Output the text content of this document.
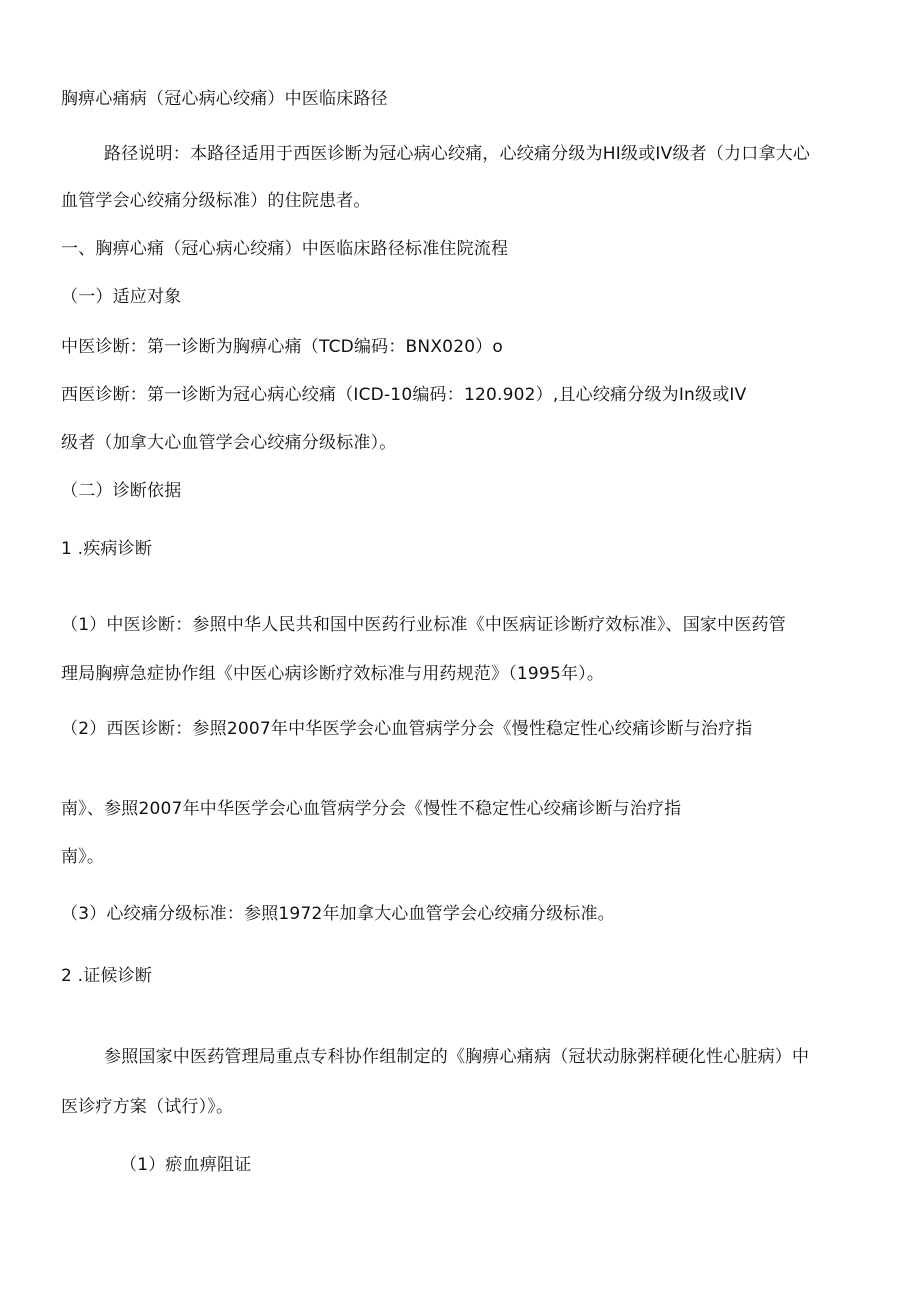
胸痹心痛病（冠心病心绞痛）中医临床路径
路径说明：本路径适用于西医诊断为冠心病心绞痛，心绞痛分级为HI级或IV级者（力口拿大心
血管学会心绞痛分级标准）的住院患者。
一、胸痹心痛（冠心病心绞痛）中医临床路径标准住院流程
（一）适应对象
中医诊断：第一诊断为胸痹心痛（TCD编码：BNX020）o
西医诊断：第一诊断为冠心病心绞痛（ICD-10编码：120.902）,且心绞痛分级为In级或IV
级者（加拿大心血管学会心绞痛分级标准）。
（二）诊断依据
1 .疾病诊断
（1）中医诊断：参照中华人民共和国中医药行业标准《中医病证诊断疗效标准》、国家中医药管
理局胸痹急症协作组《中医心病诊断疗效标准与用药规范》（1995年）。
（2）西医诊断：参照2007年中华医学会心血管病学分会《慢性稳定性心绞痛诊断与治疗指
南》、参照2007年中华医学会心血管病学分会《慢性不稳定性心绞痛诊断与治疗指
南》。
（3）心绞痛分级标准：参照1972年加拿大心血管学会心绞痛分级标准。
2 .证候诊断
参照国家中医药管理局重点专科协作组制定的《胸痹心痛病（冠状动脉粥样硬化性心脏病）中
医诊疗方案（试行）》。
（1）瘀血痹阻证
